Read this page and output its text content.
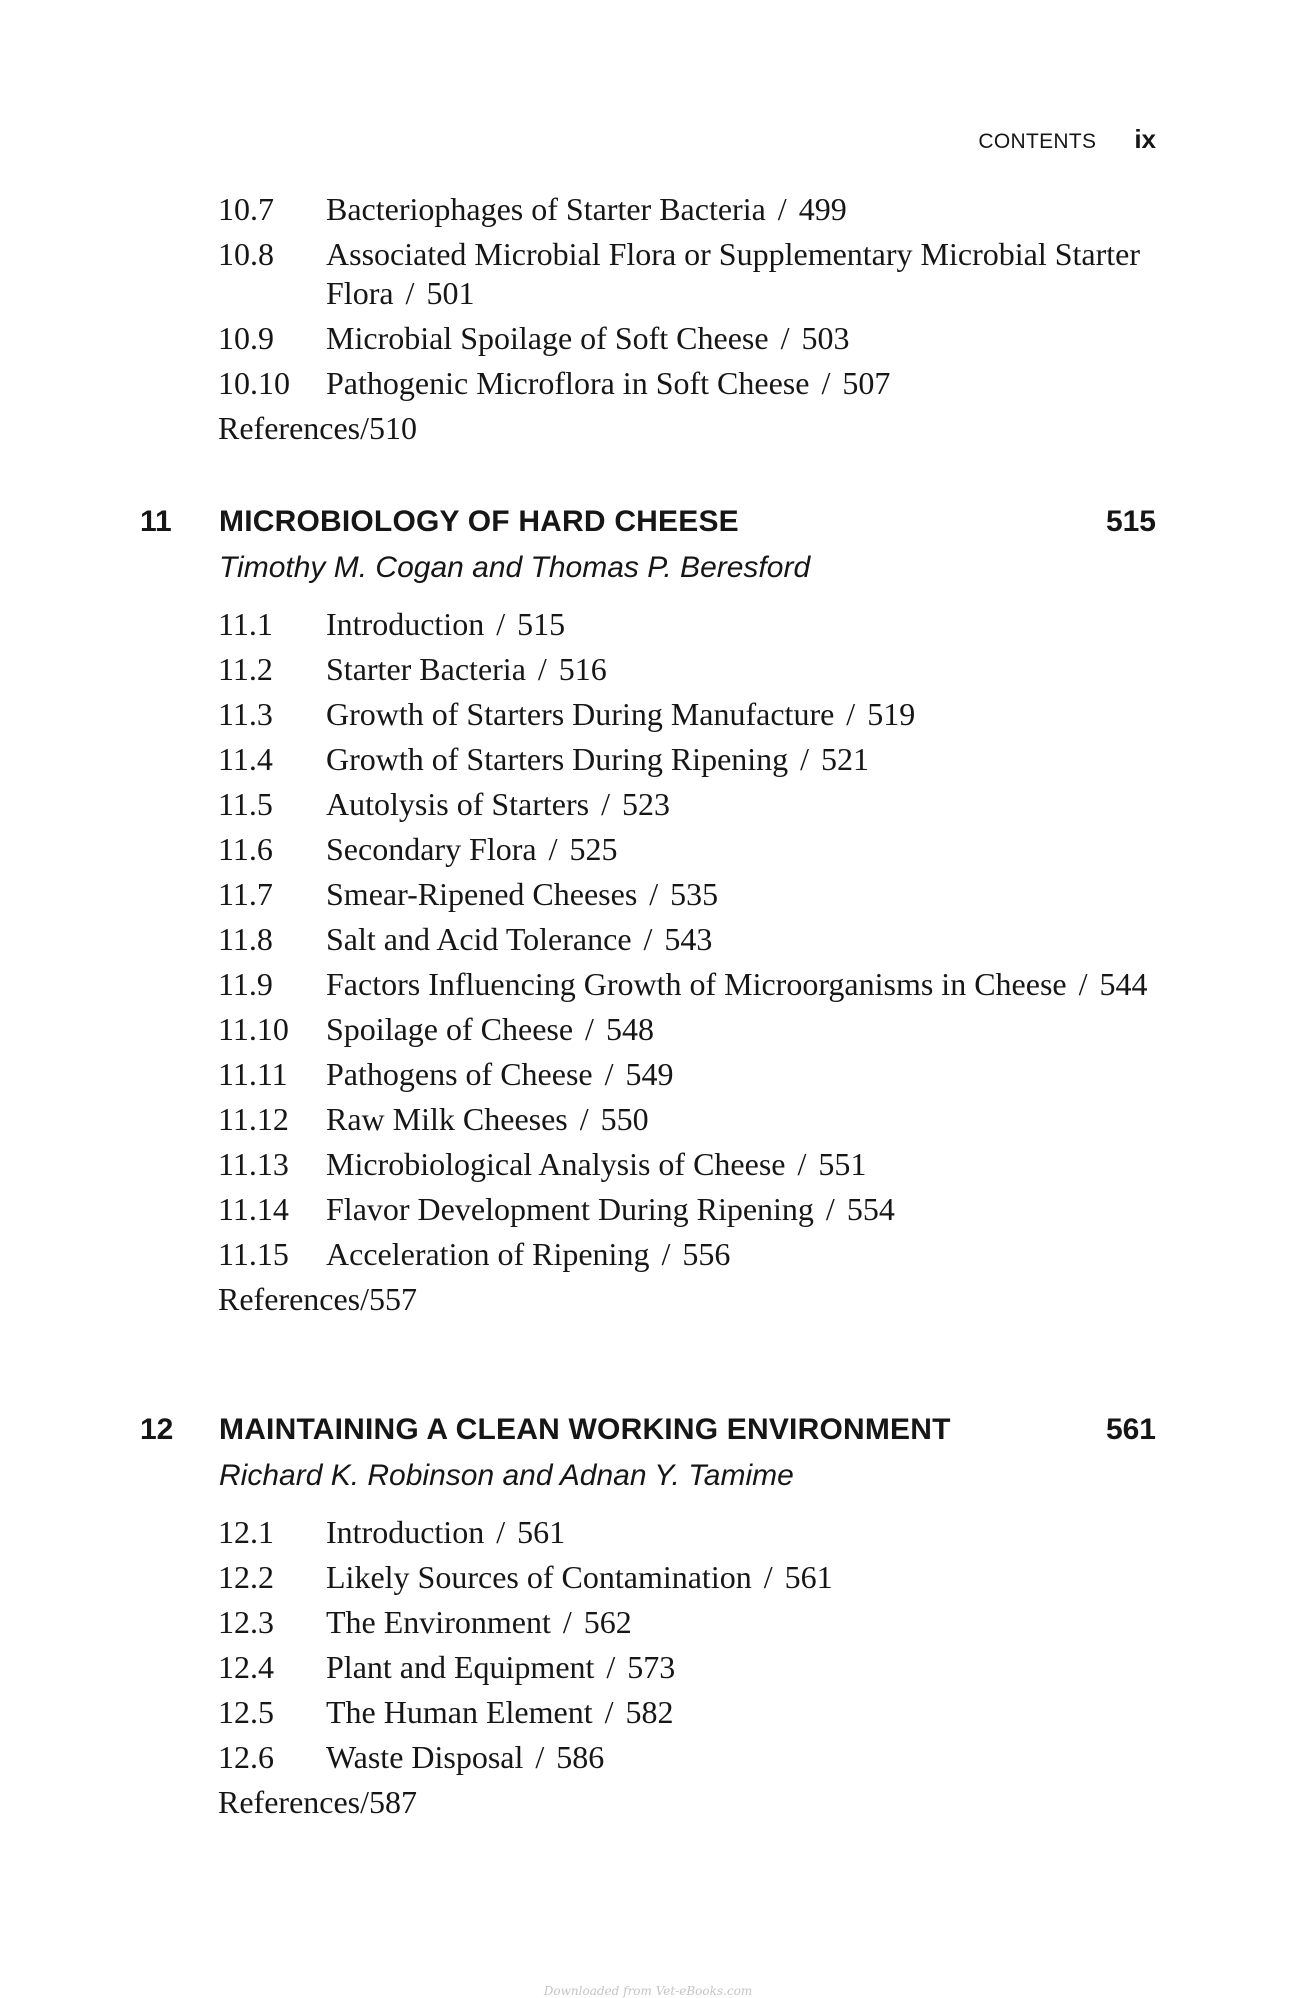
CONTENTS ix
10.7 Bacteriophages of Starter Bacteria / 499
10.8 Associated Microbial Flora or Supplementary Microbial Starter Flora / 501
10.9 Microbial Spoilage of Soft Cheese / 503
10.10 Pathogenic Microflora in Soft Cheese / 507
References/510
11 MICROBIOLOGY OF HARD CHEESE	515
Timothy M. Cogan and Thomas P. Beresford
11.1 Introduction / 515
11.2 Starter Bacteria / 516
11.3 Growth of Starters During Manufacture / 519
11.4 Growth of Starters During Ripening / 521
11.5 Autolysis of Starters / 523
11.6 Secondary Flora / 525
11.7 Smear-Ripened Cheeses / 535
11.8 Salt and Acid Tolerance / 543
11.9 Factors Influencing Growth of Microorganisms in Cheese / 544
11.10 Spoilage of Cheese / 548
11.11 Pathogens of Cheese / 549
11.12 Raw Milk Cheeses / 550
11.13 Microbiological Analysis of Cheese / 551
11.14 Flavor Development During Ripening / 554
11.15 Acceleration of Ripening / 556
References/557
12 MAINTAINING A CLEAN WORKING ENVIRONMENT	561
Richard K. Robinson and Adnan Y. Tamime
12.1 Introduction / 561
12.2 Likely Sources of Contamination / 561
12.3 The Environment / 562
12.4 Plant and Equipment / 573
12.5 The Human Element / 582
12.6 Waste Disposal / 586
References/587
Downloaded from Vet-eBooks.com
